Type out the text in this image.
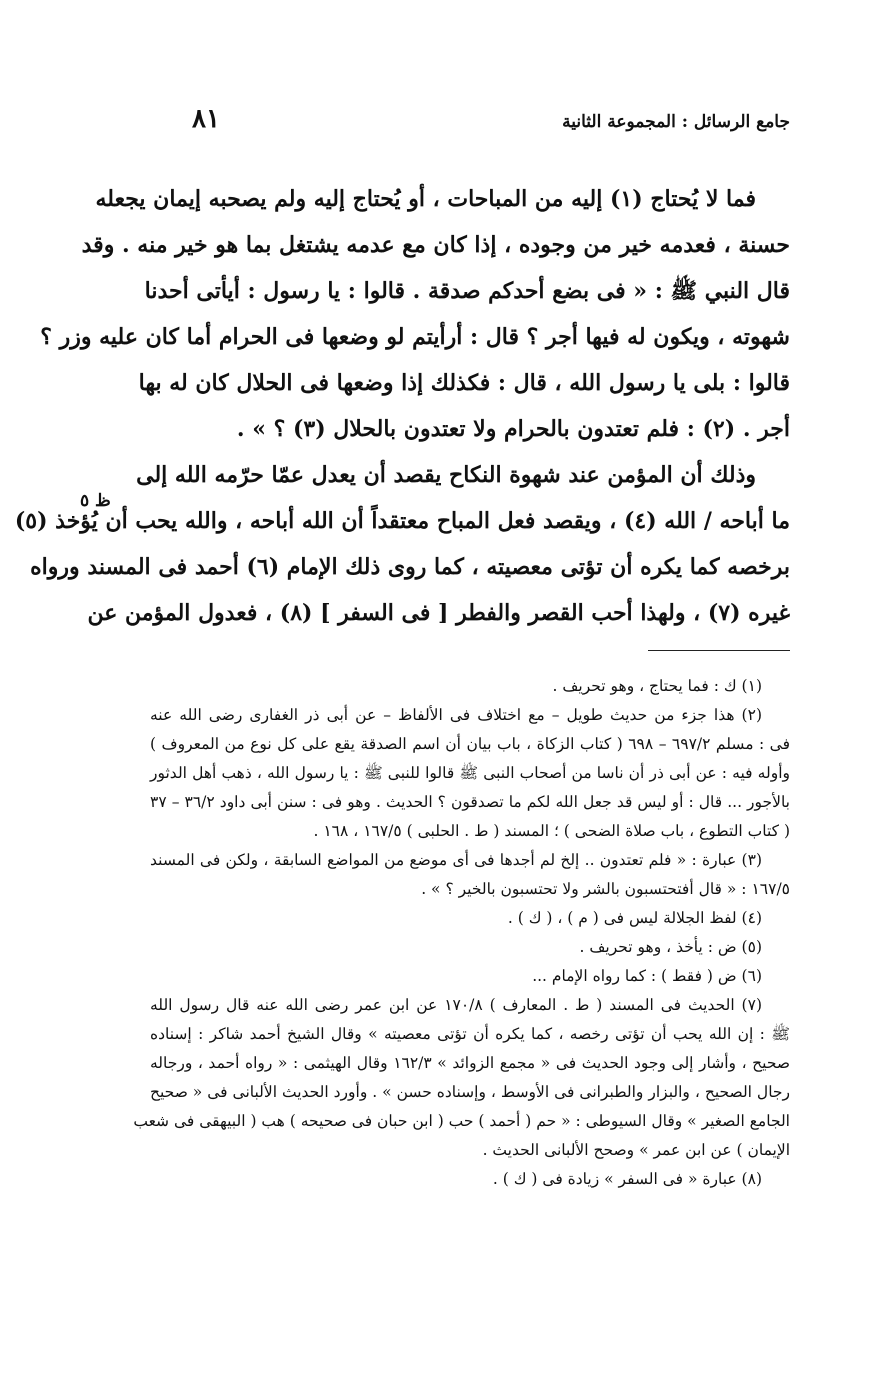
٨١	جامع الرسائل : المجموعة الثانية
ظ ٥
فما لا يُحتاج (١) إليه من المباحات ، أو يُحتاج إليه ولم يصحبه إيمان يجعله
حسنة ، فعدمه خير من وجوده ، إذا كان مع عدمه يشتغل بما هو خير منه . وقد
قال النبي ﷺ : « فى بضع أحدكم صدقة . قالوا : يا رسول : أيأتى أحدنا
شهوته ، ويكون له فيها أجر ؟ قال : أرأيتم لو وضعها فى الحرام أما كان عليه وزر ؟
قالوا : بلى يا رسول الله ، قال : فكذلك إذا وضعها فى الحلال كان له بها
أجر . (٢) : فلم تعتدون بالحرام ولا تعتدون بالحلال (٣) ؟ » .
وذلك أن المؤمن عند شهوة النكاح يقصد أن يعدل عمّا حرّمه الله إلى
ما أباحه / الله (٤) ، ويقصد فعل المباح معتقداً أن الله أباحه ، والله يحب أن يُؤخذ (٥)
برخصه كما يكره أن تؤتى معصيته ، كما روى ذلك الإمام (٦) أحمد فى المسند ورواه
غيره (٧) ، ولهذا أحب القصر والفطر [ فى السفر ] (٨) ، فعدول المؤمن عن
(١) ك : فما يحتاج ، وهو تحريف .
(٢) هذا جزء من حديث طويل – مع اختلاف فى الألفاظ – عن أبى ذر الغفارى رضى الله عنه
فى : مسلم ٦٩٧/٢ – ٦٩٨ ( كتاب الزكاة ، باب بيان أن اسم الصدقة يقع على كل نوع من المعروف )
وأوله فيه : عن أبى ذر أن ناسا من أصحاب النبى ﷺ قالوا للنبى ﷺ : يا رسول الله ، ذهب أهل الدثور
بالأجور ... قال : أو ليس قد جعل الله لكم ما تصدقون ؟ الحديث . وهو فى : سنن أبى داود ٣٦/٢ – ٣٧
( كتاب التطوع ، باب صلاة الضحى ) ؛ المسند ( ط . الحلبى ) ١٦٧/٥ ، ١٦٨ .
(٣) عبارة : « فلم تعتدون .. إلخ لم أجدها فى أى موضع من المواضع السابقة ، ولكن فى المسند
١٦٧/٥ : « قال أفتحتسبون بالشر ولا تحتسبون بالخير ؟ » .
(٤) لفظ الجلالة ليس فى ( م ) ، ( ك ) .
(٥) ض : يأخذ ، وهو تحريف .
(٦) ض ( فقط ) : كما رواه الإمام ...
(٧) الحديث فى المسند ( ط . المعارف ) ١٧٠/٨ عن ابن عمر رضى الله عنه قال رسول الله
ﷺ : إن الله يحب أن تؤتى رخصه ، كما يكره أن تؤتى معصيته » وقال الشيخ أحمد شاكر : إسناده
صحيح ، وأشار إلى وجود الحديث فى « مجمع الزوائد » ١٦٢/٣ وقال الهيثمى : « رواه أحمد ، ورجاله
رجال الصحيح ، والبزار والطبرانى فى الأوسط ، وإسناده حسن » . وأورد الحديث الألبانى فى « صحيح
الجامع الصغير » وقال السيوطى : « حم ( أحمد ) حب ( ابن حبان فى صحيحه ) هب ( البيهقى فى شعب
الإيمان ) عن ابن عمر » وصحح الألبانى الحديث .
(٨) عبارة « فى السفر » زيادة فى ( ك ) .
